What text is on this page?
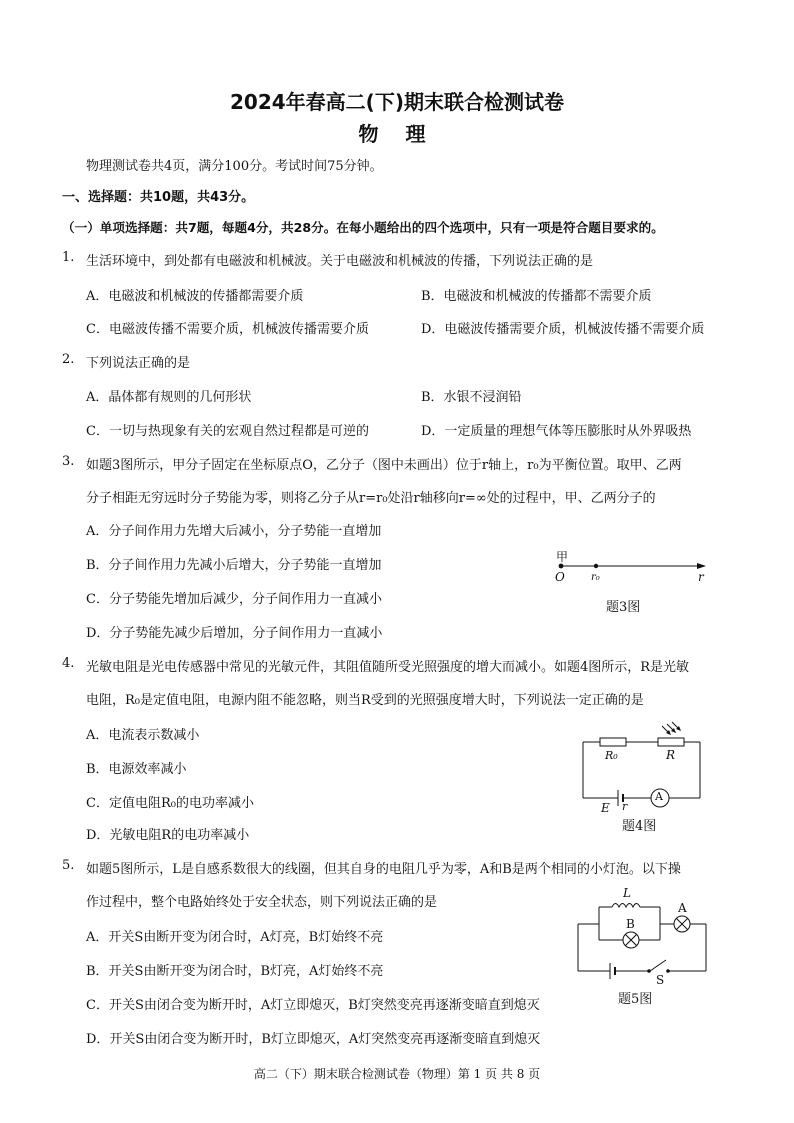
2024年春高二(下)期末联合检测试卷
物 理
物理测试卷共4页，满分100分。考试时间75分钟。
一、选择题：共10题，共43分。
（一）单项选择题：共7题，每题4分，共28分。在每小题给出的四个选项中，只有一项是符合题目要求的。
1. 生活环境中，到处都有电磁波和机械波。关于电磁波和机械波的传播，下列说法正确的是
A．电磁波和机械波的传播都需要介质	B．电磁波和机械波的传播都不需要介质
C．电磁波传播不需要介质，机械波传播需要介质	D．电磁波传播需要介质，机械波传播不需要介质
2. 下列说法正确的是
A．晶体都有规则的几何形状	B．水银不浸润铅
C．一切与热现象有关的宏观自然过程都是可逆的	D．一定质量的理想气体等压膨胀时从外界吸热
3. 如题3图所示，甲分子固定在坐标原点O，乙分子（图中未画出）位于r轴上，r₀为平衡位置。取甲、乙两
分子相距无穷远时分子势能为零，则将乙分子从r=r₀处沿r轴移向r=∞处的过程中，甲、乙两分子的
A．分子间作用力先增大后减小，分子势能一直增加
B．分子间作用力先减小后增大，分子势能一直增加
C．分子势能先增加后减少，分子间作用力一直减小
D．分子势能先减少后增加，分子间作用力一直减小
甲
O	r₀	r
题3图
4. 光敏电阻是光电传感器中常见的光敏元件，其阻值随所受光照强度的增大而减小。如题4图所示，R是光敏
电阻，R₀是定值电阻，电源内阻不能忽略，则当R受到的光照强度增大时，下列说法一定正确的是
A．电流表示数减小
B．电源效率减小
C．定值电阻R₀的电功率减小
D．光敏电阻R的电功率减小
R₀	R
E r
A
题4图
5. 如题5图所示，L是自感系数很大的线圈，但其自身的电阻几乎为零，A和B是两个相同的小灯泡。以下操
作过程中，整个电路始终处于安全状态，则下列说法正确的是
A．开关S由断开变为闭合时，A灯亮，B灯始终不亮
B．开关S由断开变为闭合时，B灯亮，A灯始终不亮
C．开关S由闭合变为断开时，A灯立即熄灭，B灯突然变亮再逐渐变暗直到熄灭
D．开关S由闭合变为断开时，B灯立即熄灭，A灯突然变亮再逐渐变暗直到熄灭
L
A
B
S
题5图
高二（下）期末联合检测试卷（物理）第 1 页 共 8 页
